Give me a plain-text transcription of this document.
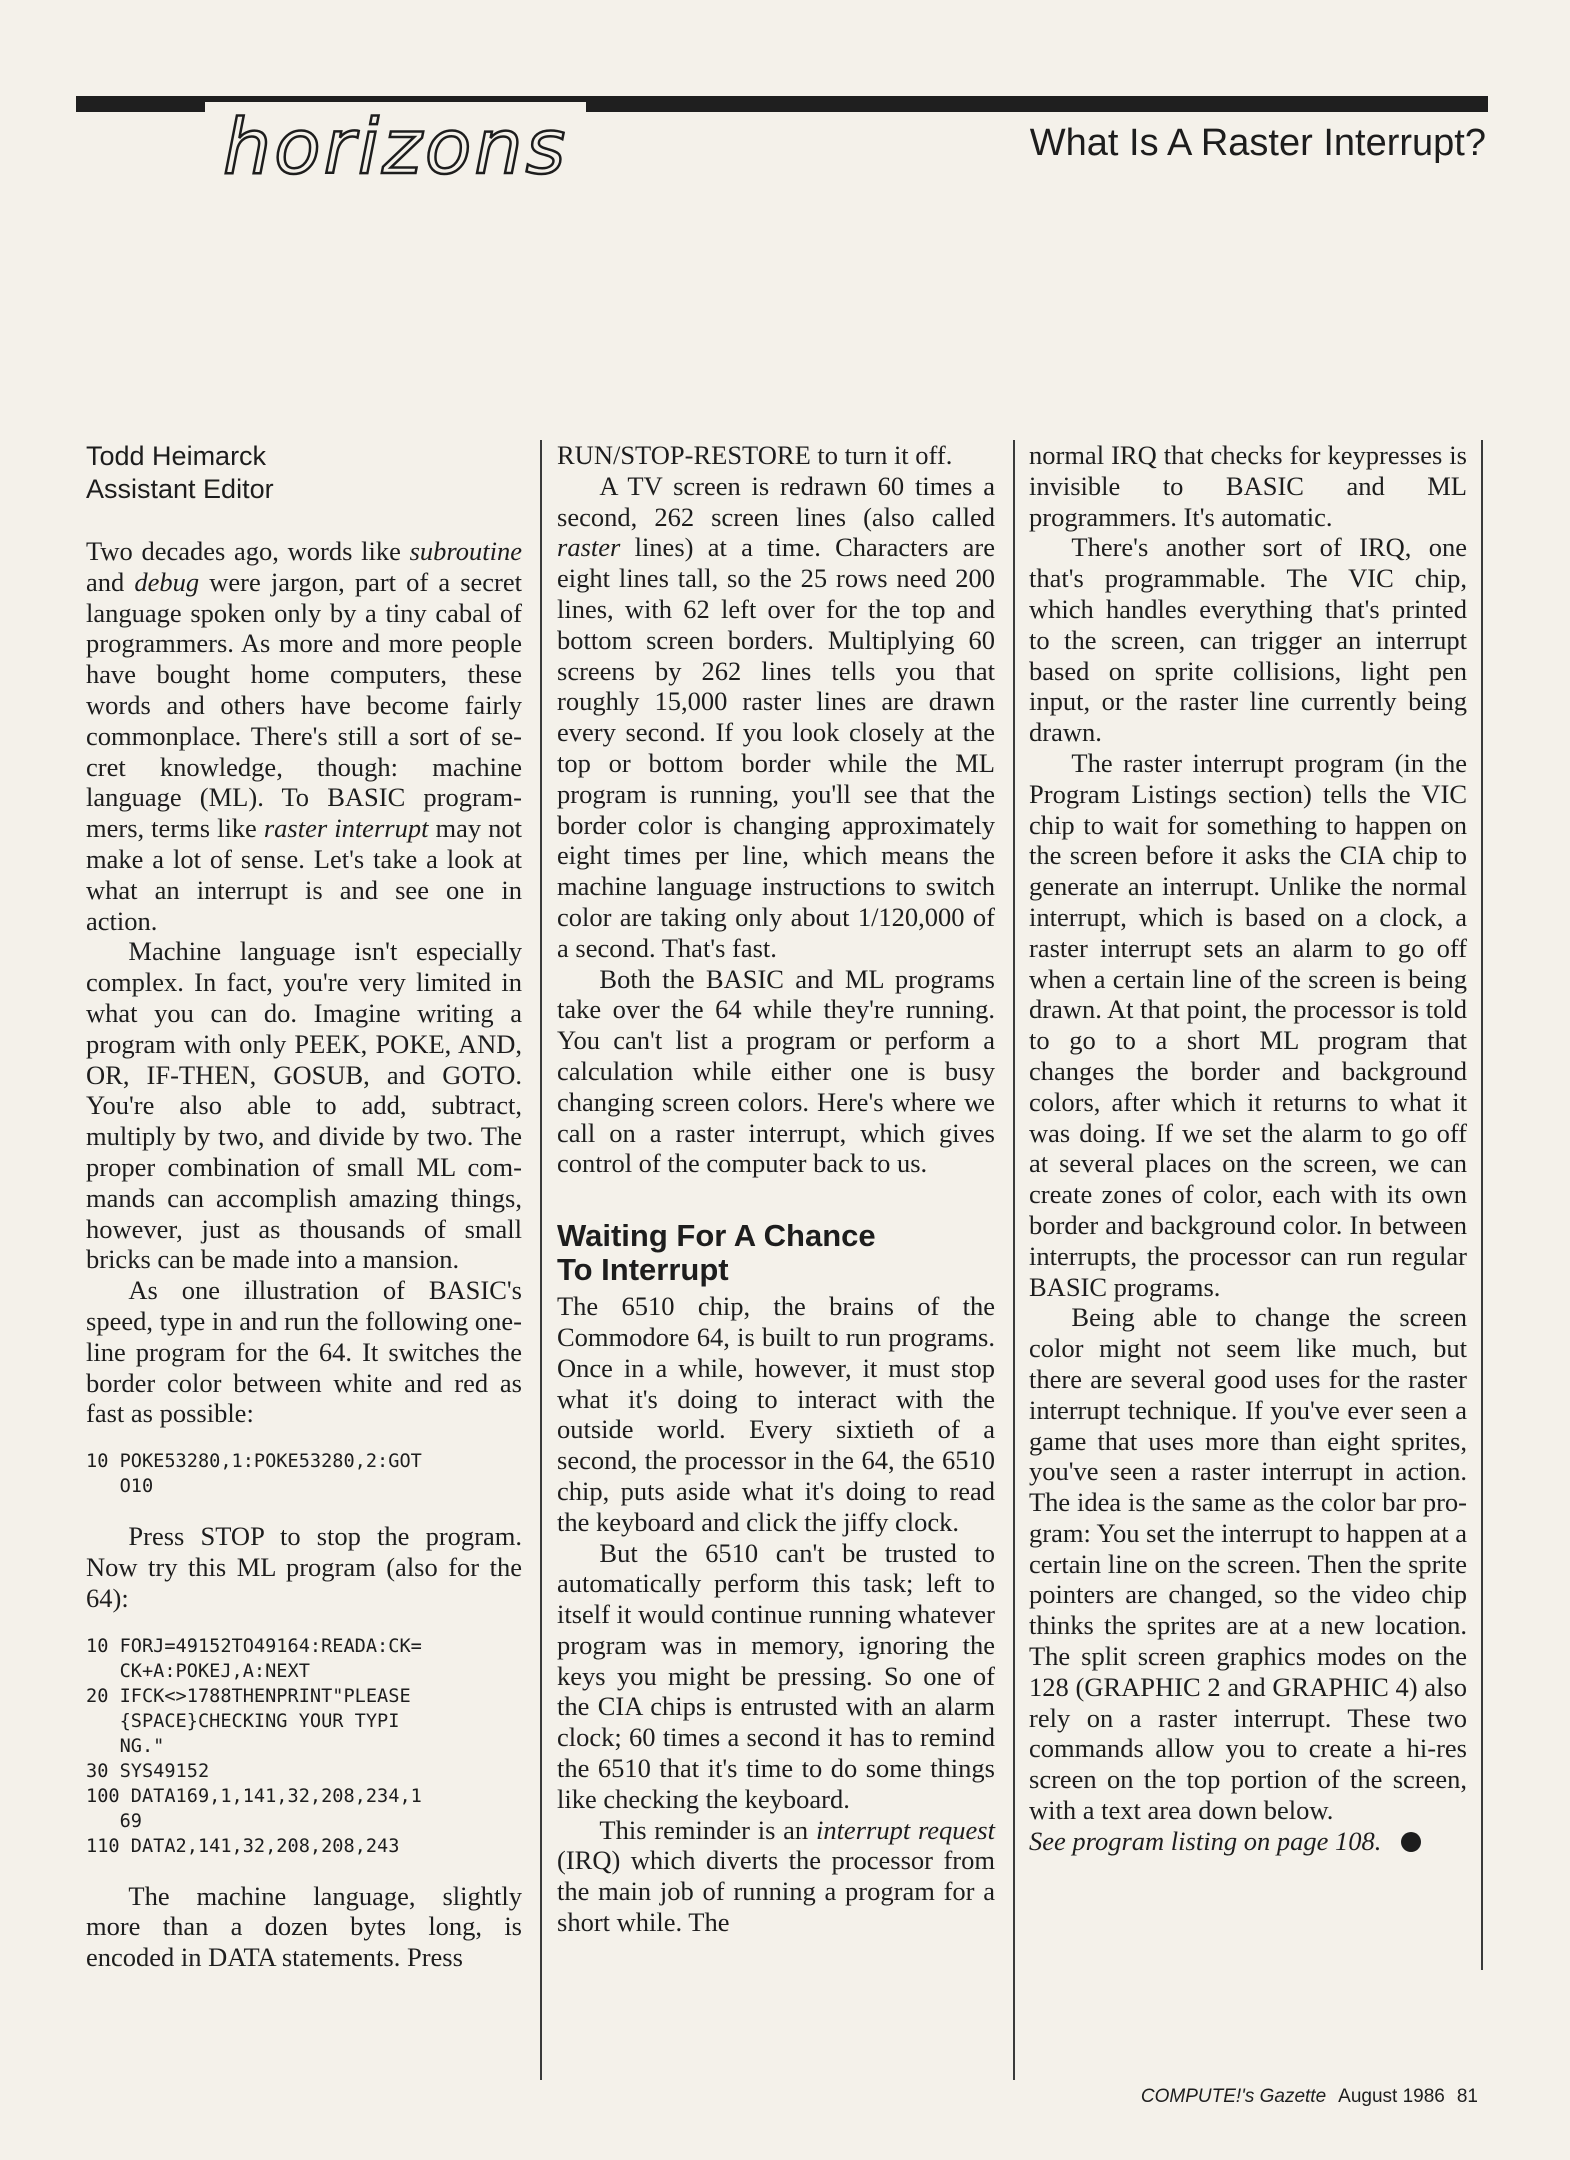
horizons	What Is A Raster Interrupt?
Todd Heimarck
Assistant Editor

Two decades ago, words like subroutine and debug were jargon, part of a secret language spoken only by a tiny cabal of programmers. As more and more people have bought home computers, these words and others have become fairly commonplace. There's still a sort of secret knowledge, though: machine language (ML). To BASIC programmers, terms like raster interrupt may not make a lot of sense. Let's take a look at what an interrupt is and see one in action.

Machine language isn't especially complex. In fact, you're very limited in what you can do. Imagine writing a program with only PEEK, POKE, AND, OR, IF-THEN, GOSUB, and GOTO. You're also able to add, subtract, multiply by two, and divide by two. The proper combination of small ML commands can accomplish amazing things, however, just as thousands of small bricks can be made into a mansion.

As one illustration of BASIC's speed, type in and run the following one-line program for the 64. It switches the border color between white and red as fast as possible:

10 POKE53280,1:POKE53280,2:GOT
O10

Press STOP to stop the program. Now try this ML program (also for the 64):

10 FORJ=49152TO49164:READA:CK=
CK+A:POKEJ,A:NEXT
20 IFCK<>1788THENPRINT"PLEASE
{SPACE}CHECKING YOUR TYPI
NG."
30 SYS49152
100 DATA169,1,141,32,208,234,1
69
110 DATA2,141,32,208,208,243

The machine language, slightly more than a dozen bytes long, is encoded in DATA statements. Press

RUN/STOP-RESTORE to turn it off.

A TV screen is redrawn 60 times a second, 262 screen lines (also called raster lines) at a time. Characters are eight lines tall, so the 25 rows need 200 lines, with 62 left over for the top and bottom screen borders. Multiplying 60 screens by 262 lines tells you that roughly 15,000 raster lines are drawn every second. If you look closely at the top or bottom border while the ML program is running, you'll see that the border color is changing approximately eight times per line, which means the machine language instructions to switch color are taking only about 1/120,000 of a second. That's fast.

Both the BASIC and ML programs take over the 64 while they're running. You can't list a program or perform a calculation while either one is busy changing screen colors. Here's where we call on a raster interrupt, which gives control of the computer back to us.

Waiting For A Chance
To Interrupt

The 6510 chip, the brains of the Commodore 64, is built to run programs. Once in a while, however, it must stop what it's doing to interact with the outside world. Every sixtieth of a second, the processor in the 64, the 6510 chip, puts aside what it's doing to read the keyboard and click the jiffy clock.

But the 6510 can't be trusted to automatically perform this task; left to itself it would continue running whatever program was in memory, ignoring the keys you might be pressing. So one of the CIA chips is entrusted with an alarm clock; 60 times a second it has to remind the 6510 that it's time to do some things like checking the keyboard.

This reminder is an interrupt request (IRQ) which diverts the processor from the main job of running a program for a short while. The

normal IRQ that checks for keypresses is invisible to BASIC and ML programmers. It's automatic.

There's another sort of IRQ, one that's programmable. The VIC chip, which handles everything that's printed to the screen, can trigger an interrupt based on sprite collisions, light pen input, or the raster line currently being drawn.

The raster interrupt program (in the Program Listings section) tells the VIC chip to wait for something to happen on the screen before it asks the CIA chip to generate an interrupt. Unlike the normal interrupt, which is based on a clock, a raster interrupt sets an alarm to go off when a certain line of the screen is being drawn. At that point, the processor is told to go to a short ML program that changes the border and background colors, after which it returns to what it was doing. If we set the alarm to go off at several places on the screen, we can create zones of color, each with its own border and background color. In between interrupts, the processor can run regular BASIC programs.

Being able to change the screen color might not seem like much, but there are several good uses for the raster interrupt technique. If you've ever seen a game that uses more than eight sprites, you've seen a raster interrupt in action. The idea is the same as the color bar program: You set the interrupt to happen at a certain line on the screen. Then the sprite pointers are changed, so the video chip thinks the sprites are at a new location. The split screen graphics modes on the 128 (GRAPHIC 2 and GRAPHIC 4) also rely on a raster interrupt. These two commands allow you to create a hi-res screen on the top portion of the screen, with a text area down below.

See program listing on page 108.

COMPUTE!'s Gazette August 1986 81
